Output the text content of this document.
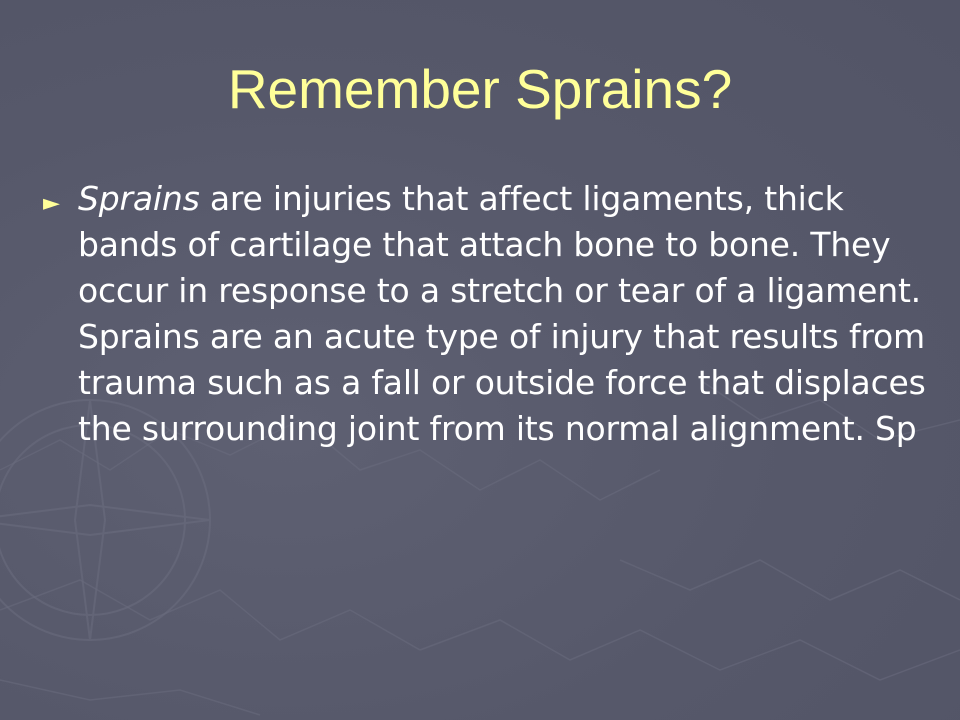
Remember Sprains?
► Sprains are injuries that affect ligaments, thick bands of cartilage that attach bone to bone. They occur in response to a stretch or tear of a ligament. Sprains are an acute type of injury that results from trauma such as a fall or outside force that displaces the surrounding joint from its normal alignment. Sp
